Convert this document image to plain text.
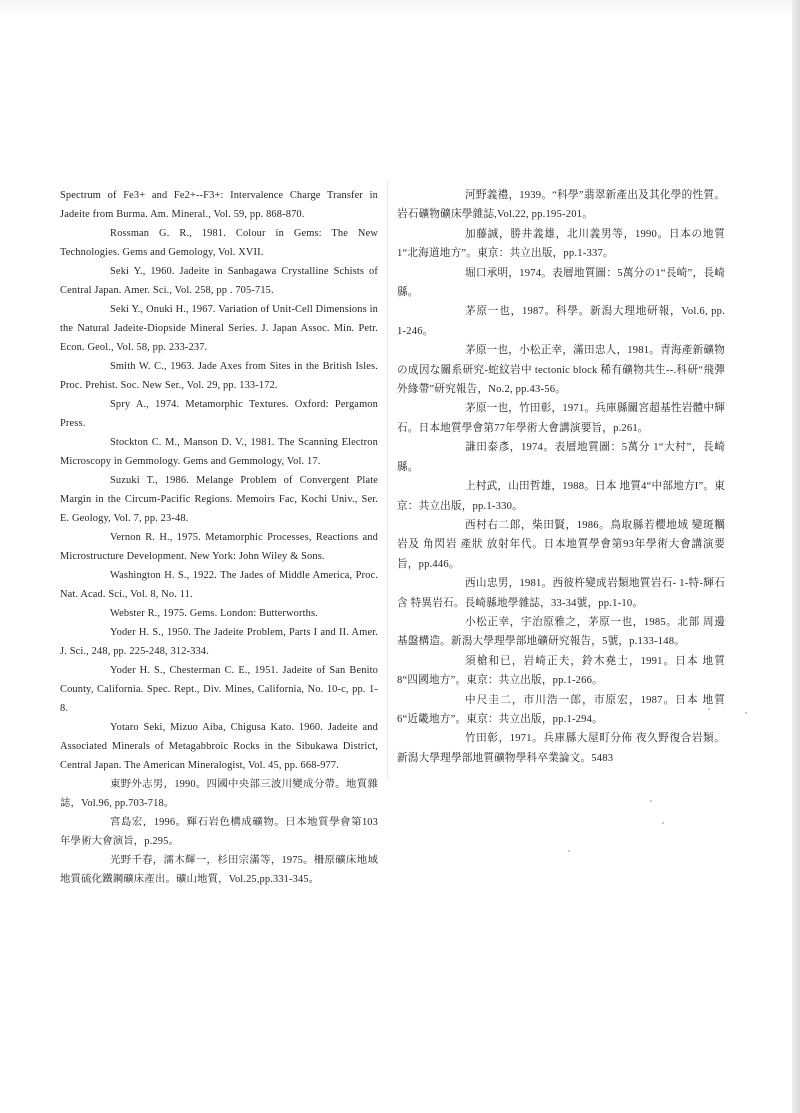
Spectrum of Fe3+ and Fe2+--F3+: Intervalence Charge Transfer in Jadeite from Burma. Am. Mineral., Vol. 59, pp. 868-870.

Rossman G. R., 1981. Colour in Gems: The New Technologies. Gems and Gemology, Vol. XVII.

Seki Y., 1960. Jadeite in Sanbagawa Crystalline Schists of Central Japan. Amer. Sci., Vol. 258, pp . 705-715.

Seki Y., Onuki H., 1967. Variation of Unit-Cell Dimensions in the Natural Jadeite-Diopside Mineral Series. J. Japan Assoc. Min. Petr. Econ. Geol., Vol. 58, pp. 233-237.

Smith W. C., 1963. Jade Axes from Sites in the British Isles. Proc. Prehist. Soc. New Ser., Vol. 29, pp. 133-172.

Spry A., 1974. Metamorphic Textures. Oxford: Pergamon Press.

Stockton C. M., Manson D. V., 1981. The Scanning Electron Microscopy in Gemmology. Gems and Gemmology, Vol. 17.

Suzuki T., 1986. Melange Problem of Convergent Plate Margin in the Circum-Pacific Regions. Memoirs Fac, Kochi Univ., Ser. E. Geology, Vol. 7, pp. 23-48.

Vernon R. H., 1975. Metamorphic Processes, Reactions and Microstructure Development. New York: John Wiley & Sons.

Washington H. S., 1922. The Jades of Middle America, Proc. Nat. Acad. Sci., Vol. 8, No. 11.

Webster R., 1975. Gems. London: Butterworths.

Yoder H. S., 1950. The Jadeite Problem, Parts I and II. Amer. J. Sci., 248, pp. 225-248, 312-334.

Yoder H. S., Chesterman C. E., 1951. Jadeite of San Benito County, California. Spec. Rept., Div. Mines, California, No. 10-c, pp. 1-8.

Yotaro Seki, Mizuo Aiba, Chigusa Kato. 1960. Jadeite and Associated Minerals of Metagabbroic Rocks in the Sibukawa District, Central Japan. The American Mineralogist, Vol. 45, pp. 668-977.

東野外志男，1990。四國中央部三波川變成分帶。地質雜誌，Vol.96, pp.703-718。

宮島宏，1996。輝石岩色構成礦物。日本地質學會第103年學術大會演旨，p.295。

光野千春，濡木輝一，杉田宗滿等，1975。柵原礦床地域地質硫化鐵鋼礦床產出。礦山地質，Vol.25,pp.331-345。

河野義禮，1939。“科學”翡翠新產出及其化學的性質。岩石礦物礦床學雜誌,Vol.22, pp.195-201。

加藤誠，勝井義雄，北川義男等，1990。日本の地質1“北海道地方”。東京：共立出版，pp.1-337。

堀口承明，1974。表層地質圖：5萬分の1“長崎”，長崎縣。

茅原一也，1987。科學。新潟大理地研報，Vol.6, pp. 1-246。

茅原一也，小松正幸，滿田忠人，1981。青海產新礦物の成因な關系研究-蛇紋岩中 tectonic block 稀有礦物共生--.科研“飛彈外緣帶”研究報告，No.2, pp.43-56。

茅原一也，竹田彰，1971。兵庫縣關宮超基性岩體中輝石。日本地質學會第77年學術大會講演要旨，p.261。

謙田泰彥，1974。表層地質圖：5萬分 1“大村”，長崎縣。

上村武，山田哲雄，1988。日本 地質4“中部地方I”。東京：共立出版，pp.1-330。

西村右二郎，柴田賢，1986。鳥取縣若櫻地域 變斑糲岩及 角閃岩 產狀 放射年代。日本地質學會第93年學術大會講演要旨，pp.446。

西山忠男，1981。西彼杵變成岩類地質岩石- 1-特-輝石含 特異岩石。長崎縣地學雜誌，33-34號，pp.1-10。

小松正幸，宇治原雅之，茅原一也，1985。北部 周邊基盤構造。新潟大學理學部地礦研究報告，5號，p.133-148。

須槍和已，岩崎正夫，鈴木堯士，1991。日本 地質8“四國地方”。東京：共立出版，pp.1-266。

中尺圭二，市川浩一郎，市原宏，1987。日本 地質6“近畿地方”。東京：共立出版，pp.1-294。

竹田彰，1971。兵庫縣大屋町分佈 夜久野復合岩類。新潟大學理學部地質礦物學科卒業論文。5483
